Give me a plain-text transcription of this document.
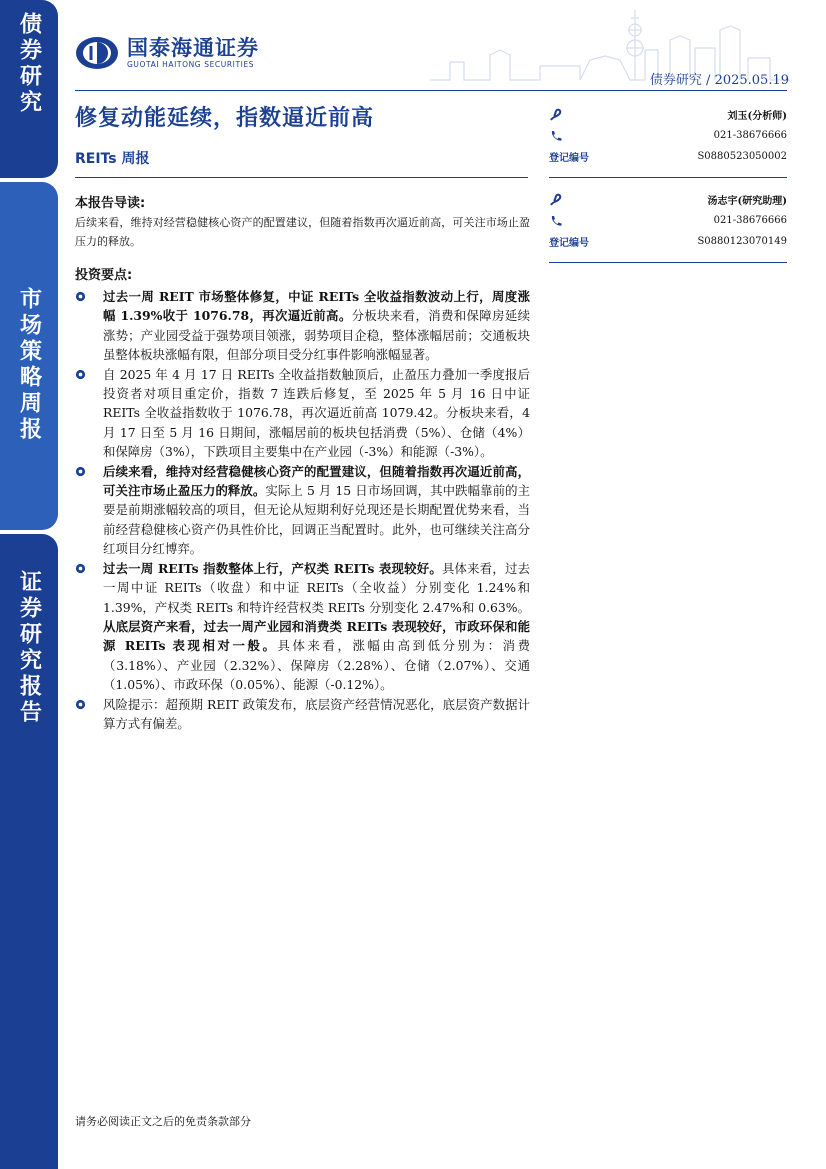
债券研究
市场策略周报
证券研究报告
国泰海通证券
GUOTAI HAITONG SECURITIES
债券研究 / 2025.05.19
修复动能延续，指数逼近前高
REITs 周报
刘玉(分析师)
021-38676666
登记编号	S0880523050002
汤志宇(研究助理)
021-38676666
登记编号	S0880123070149
本报告导读:
后续来看，维持对经营稳健核心资产的配置建议，但随着指数再次逼近前高，可关注市场止盈压力的释放。
投资要点:
过去一周 REIT 市场整体修复，中证 REITs 全收益指数波动上行，周度涨幅 1.39%收于 1076.78，再次逼近前高。分板块来看，消费和保障房延续涨势；产业园受益于强势项目领涨，弱势项目企稳，整体涨幅居前；交通板块虽整体板块涨幅有限，但部分项目受分红事件影响涨幅显著。
自 2025 年 4 月 17 日 REITs 全收益指数触顶后，止盈压力叠加一季度报后投资者对项目重定价，指数 7 连跌后修复，至 2025 年 5 月 16 日中证 REITs 全收益指数收于 1076.78，再次逼近前高 1079.42。分板块来看，4 月 17 日至 5 月 16 日期间，涨幅居前的板块包括消费（5%）、仓储（4%）和保障房（3%），下跌项目主要集中在产业园（-3%）和能源（-3%）。
后续来看，维持对经营稳健核心资产的配置建议，但随着指数再次逼近前高，可关注市场止盈压力的释放。实际上 5 月 15 日市场回调，其中跌幅靠前的主要是前期涨幅较高的项目，但无论从短期利好兑现还是长期配置优势来看，当前经营稳健核心资产仍具性价比，回调正当配置时。此外，也可继续关注高分红项目分红博弈。
过去一周 REITs 指数整体上行，产权类 REITs 表现较好。具体来看，过去一周中证 REITs（收盘）和中证 REITs（全收益）分别变化 1.24%和 1.39%，产权类 REITs 和特许经营权类 REITs 分别变化 2.47%和 0.63%。从底层资产来看，过去一周产业园和消费类 REITs 表现较好，市政环保和能源 REITs 表现相对一般。具体来看，涨幅由高到低分别为：消费（3.18%）、产业园（2.32%）、保障房（2.28%）、仓储（2.07%）、交通（1.05%）、市政环保（0.05%）、能源（-0.12%）。
风险提示：超预期 REIT 政策发布，底层资产经营情况恶化，底层资产数据计算方式有偏差。
请务必阅读正文之后的免责条款部分
